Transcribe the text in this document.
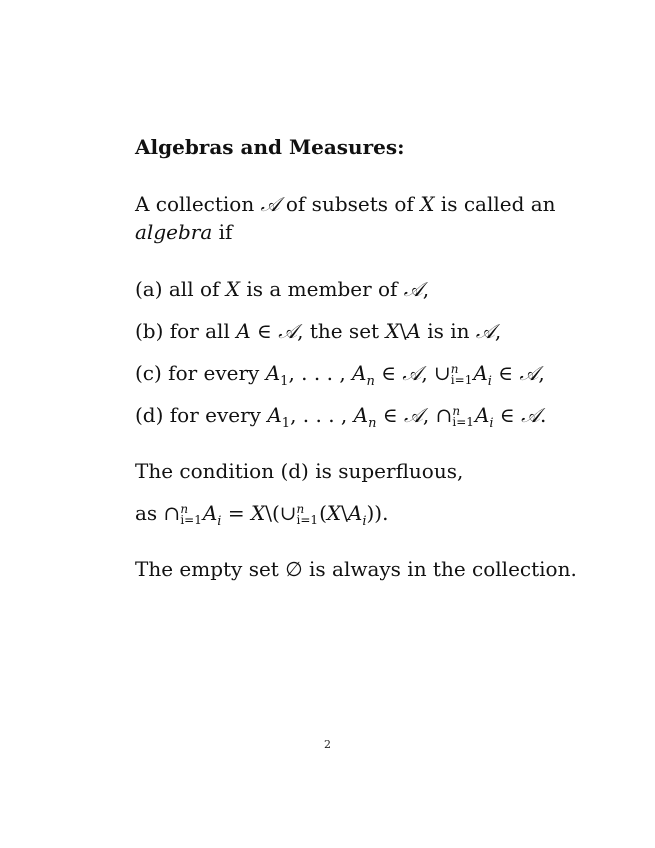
Algebras and Measures:
A collection 𝒜 of subsets of X is called an
algebra if
(a) all of X is a member of 𝒜,
(b) for all A ∈ 𝒜, the set X\A is in 𝒜,
(c) for every $A_1$, . . . , $A_n$ ∈ 𝒜, ∪ n
i=1 $A_i$ ∈ 𝒜,
(d) for every $A_1$, . . . , $A_n$ ∈ 𝒜, ∩ n
i=1 $A_i$ ∈ 𝒜.
The condition (d) is superfluous,
as ∩ n
i=1 $A_i$ = X\(∪ n
i=1 $(X\backslash A_i)$).
The empty set ∅ is always in the collection.
2
